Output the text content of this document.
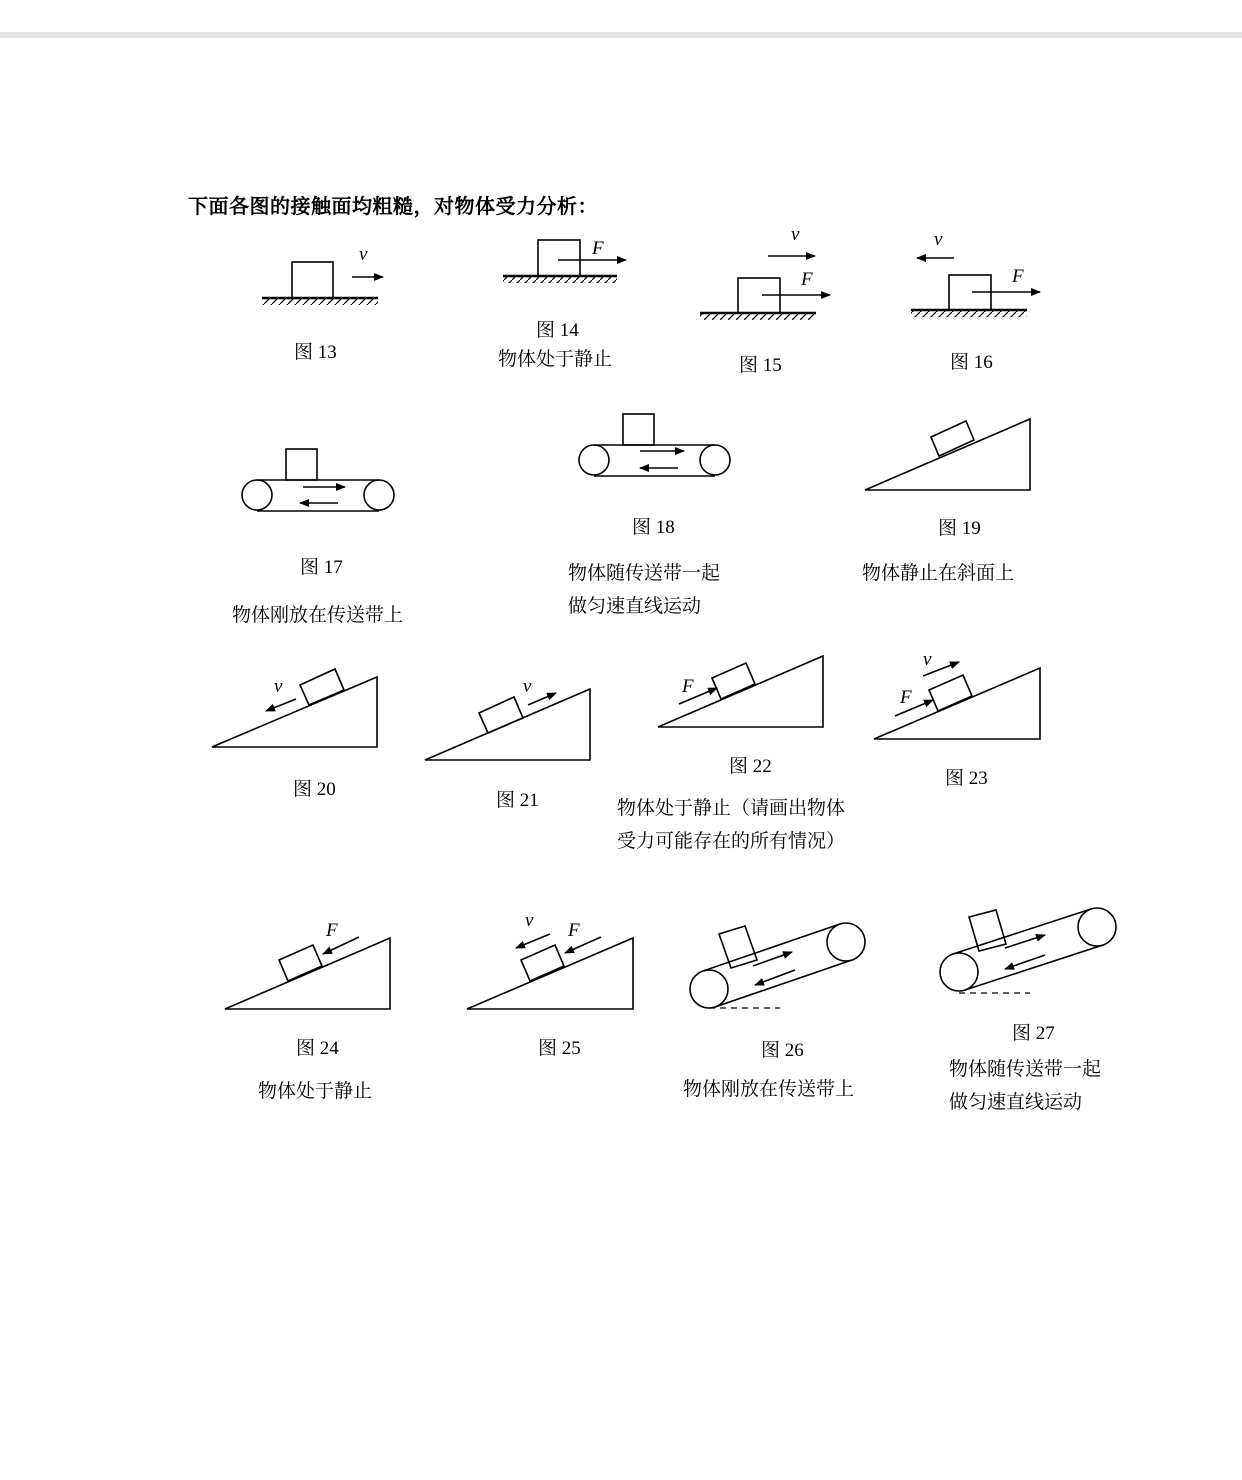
下面各图的接触面均粗糙，对物体受力分析：
v	F
v
F
v
F
v	v	F
v
F
F	v F
图 13
图 14
物体处于静止	图 15	图 16
图 17
物体刚放在传送带上
图 18
物体随传送带一起
做匀速直线运动
图 19
物体静止在斜面上
图 20
图 21
图 22
物体处于静止（请画出物体
受力可能存在的所有情况）
图 23
图 24
物体处于静止
图 25	图 26
物体刚放在传送带上
图 27
物体随传送带一起
做匀速直线运动
